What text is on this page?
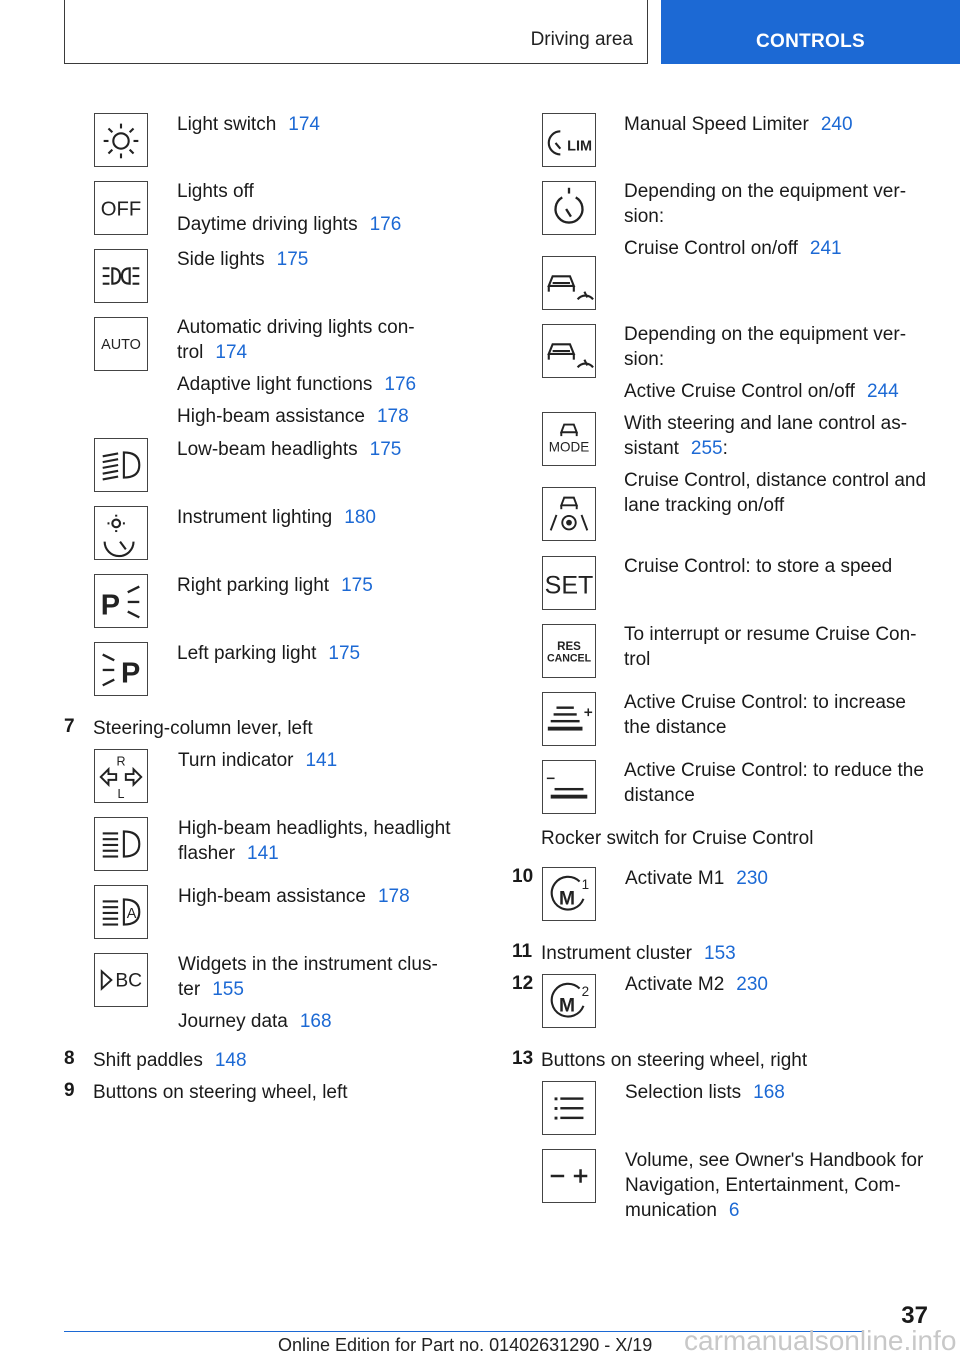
Driving area	CONTROLS
Light switch 174
OFF
Lights off
Daytime driving lights 176
Side lights 175
AUTO
Automatic driving lights con-
trol 174
Adaptive light functions 176
High-beam assistance 178
Low-beam headlights 175
Instrument lighting 180
P
Right parking light 175
P
Left parking light 175
7 Steering-column lever, left
R
L
Turn indicator 141
High-beam headlights, headlight
flasher 141
A
High-beam assistance 178
BC
Widgets in the instrument clus-
ter 155
Journey data 168
8 Shift paddles 148
9 Buttons on steering wheel, left
LIM
Manual Speed Limiter 240
Depending on the equipment ver-
sion:
Cruise Control on/off 241
Depending on the equipment ver-
sion:
Active Cruise Control on/off 244
MODE
With steering and lane control as-
sistant 255:
Cruise Control, distance control and
lane tracking on/off
SET
Cruise Control: to store a speed
RES
CANCEL
To interrupt or resume Cruise Con-
trol
Active Cruise Control: to increase
the distance
Active Cruise Control: to reduce the
distance
Rocker switch for Cruise Control
10
M
1 Activate M1 230
11 Instrument cluster 153
12
M
2 Activate M2 230
13 Buttons on steering wheel, right
Selection lists 168
Volume, see Owner's Handbook for
Navigation, Entertainment, Com-
munication 6
37
carmanualsonline.info
Online Edition for Part no. 01402631290 - X/19
